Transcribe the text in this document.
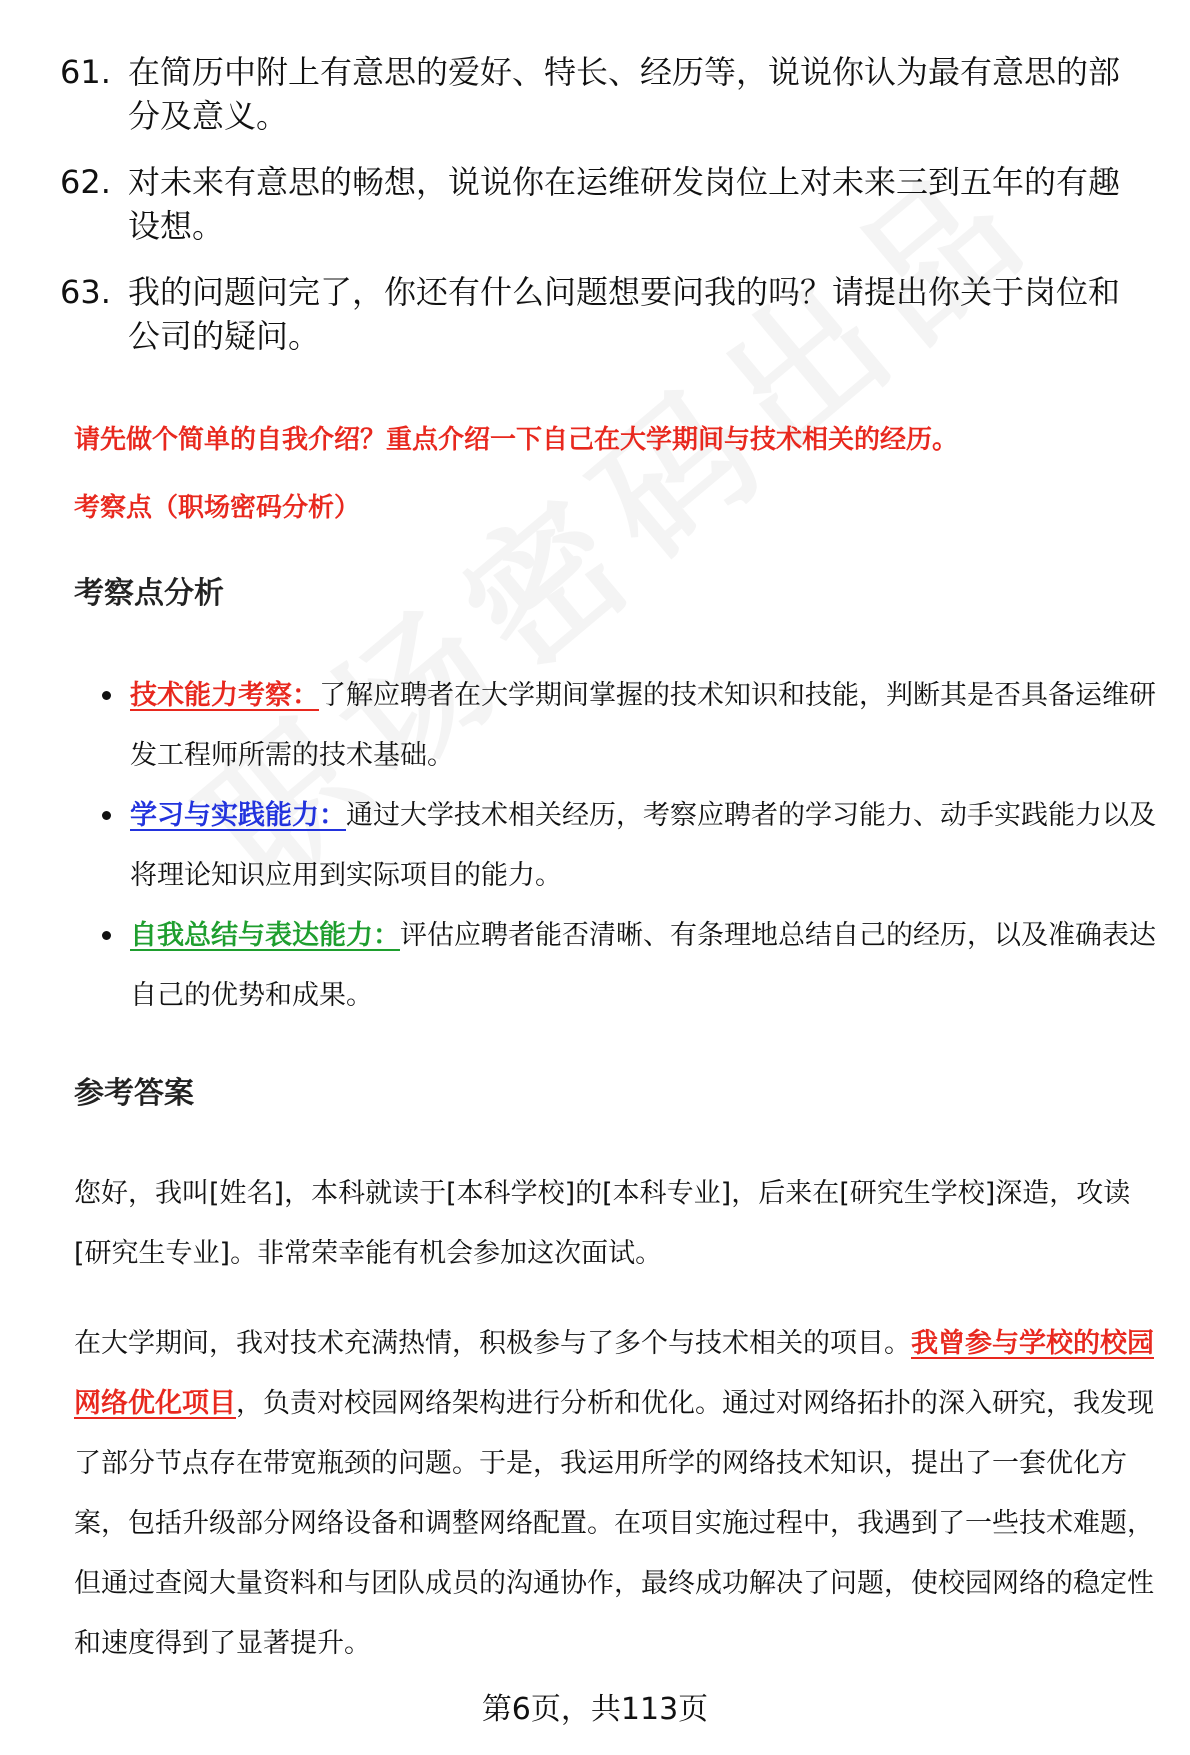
61. 在简历中附上有意思的爱好、特长、经历等，说说你认为最有意思的部分及意义。
62. 对未来有意思的畅想，说说你在运维研发岗位上对未来三到五年的有趣设想。
63. 我的问题问完了，你还有什么问题想要问我的吗？请提出你关于岗位和公司的疑问。
请先做个简单的自我介绍？重点介绍一下自己在大学期间与技术相关的经历。
考察点（职场密码分析）
考察点分析
技术能力考察：了解应聘者在大学期间掌握的技术知识和技能，判断其是否具备运维研发工程师所需的技术基础。
学习与实践能力：通过大学技术相关经历，考察应聘者的学习能力、动手实践能力以及将理论知识应用到实际项目的能力。
自我总结与表达能力：评估应聘者能否清晰、有条理地总结自己的经历，以及准确表达自己的优势和成果。
参考答案
您好，我叫[姓名]，本科就读于[本科学校]的[本科专业]，后来在[研究生学校]深造，攻读[研究生专业]。非常荣幸能有机会参加这次面试。
在大学期间，我对技术充满热情，积极参与了多个与技术相关的项目。我曾参与学校的校园网络优化项目，负责对校园网络架构进行分析和优化。通过对网络拓扑的深入研究，我发现了部分节点存在带宽瓶颈的问题。于是，我运用所学的网络技术知识，提出了一套优化方案，包括升级部分网络设备和调整网络配置。在项目实施过程中，我遇到了一些技术难题，但通过查阅大量资料和与团队成员的沟通协作，最终成功解决了问题，使校园网络的稳定性和速度得到了显著提升。
第6页，共113页
